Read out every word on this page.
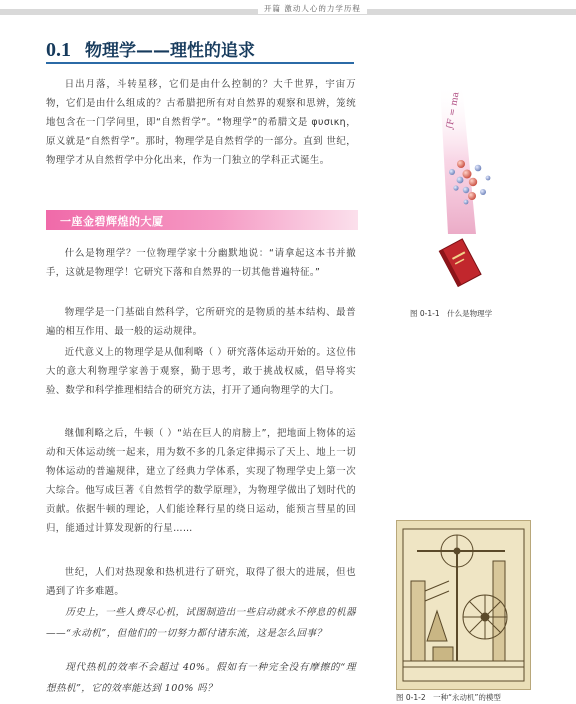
开篇 激动人心的力学历程
0.1 物理学——理性的追求

日出月落，斗转星移，它们是由什么控制的？大千世界，宇宙万物，它们是由什么组成的？古希腊把所有对自然界的观察和思辨，笼统地包含在一门学问里，即“自然哲学”。“物理学”的希腊文是 φυσικη，原义就是“自然哲学”。那时，物理学是自然哲学的一部分。直到 世纪，物理学才从自然哲学中分化出来，作为一门独立的学科正式诞生。

一座金碧辉煌的大厦

什么是物理学？一位物理学家十分幽默地说：“请拿起这本书并撤手，这就是物理学！它研究下落和自然界的一切其他普遍特征。”

物理学是一门基础自然科学，它所研究的是物质的基本结构、最普遍的相互作用、最一般的运动规律。

近代意义上的物理学是从伽利略（ ）研究落体运动开始的。这位伟大的意大利物理学家善于观察，勤于思考，敢于挑战权威，倡导将实验、数学和科学推理相结合的研究方法，打开了通向物理学的大门。

继伽利略之后，牛顿（ ）“站在巨人的肩膀上”，把地面上物体的运动和天体运动统一起来，用为数不多的几条定律揭示了天上、地上一切物体运动的普遍规律，建立了经典力学体系，实现了物理学史上第一次大综合。他写成巨著《自然哲学的数学原理》，为物理学做出了划时代的贡献。依据牛顿的理论，人们能诠释行星的绕日运动，能预言彗星的回归，能通过计算发现新的行星……

世纪，人们对热现象和热机进行了研究，取得了很大的进展，但也遇到了许多难题。

历史上，一些人费尽心机，试图制造出一些启动就永不停息的机器——“永动机”，但他们的一切努力都付诸东流，这是怎么回事？

现代热机的效率不会超过 40%。假如有一种完全没有摩擦的“理想热机”，它的效率能达到 100% 吗？

∫F = ma
图 0-1-1　什么是物理学
图 0-1-2　一种“永动机”的模型
